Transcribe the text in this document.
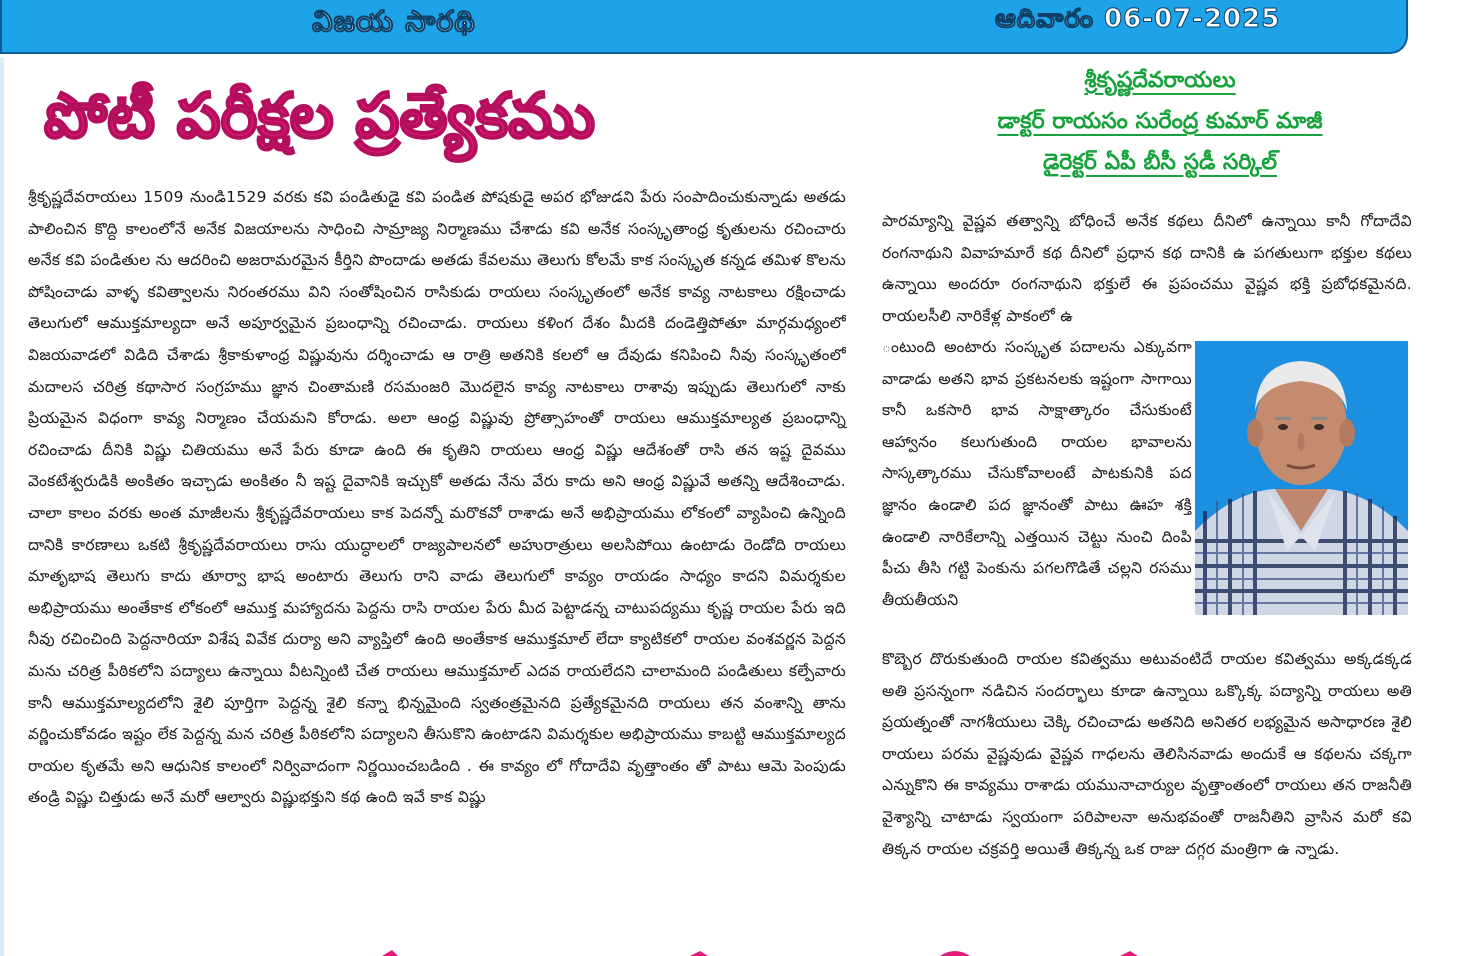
విజయ సారథి	ఆదివారం 06-07-2025
పోటీ పరీక్షల ప్రత్యేకము	శ్రీకృష్ణదేవరాయలు
డాక్టర్ రాయసం సురేంద్ర కుమార్ మాజీ
డైరెక్టర్ ఏపీ బీసీ స్టడీ సర్కిల్
శ్రీకృష్ణదేవరాయలు 1509 నుండి1529 వరకు కవి పండితుడై కవి పండిత పోషకుడై అపర భోజుడని పేరు సంపాదించుకున్నాడు అతడు పాలించిన కొద్ది కాలంలోనే అనేక విజయాలను సాధించి సామ్రాజ్య నిర్మాణము చేశాడు కవి అనేక సంస్కృతాంధ్ర కృతులను రచించారు అనేక కవి పండితుల ను ఆదరించి అజరామరమైన కీర్తిని పొందాడు అతడు కేవలము తెలుగు కోలమే కాక సంస్కృత కన్నడ తమిళ కొలను పోషించాడు వాళ్ళ కవిత్వాలను నిరంతరము విని సంతోషించిన రాసికుడు రాయలు సంస్కృతంలో అనేక కావ్య నాటకాలు రక్షించాడు తెలుగులో ఆముక్తమాల్యదా అనే అపూర్వమైన ప్రబంధాన్ని రచించాడు. రాయలు కళింగ దేశం మీదకి దండెత్తిపోతూ మార్గమధ్యంలో విజయవాడలో విడిది చేశాడు శ్రీకాకుళాంధ్ర విష్ణువును దర్శించాడు ఆ రాత్రి అతనికి కలలో ఆ దేవుడు కనిపించి నీవు సంస్కృతంలో మదాలస చరిత్ర కథాసార సంగ్రహము జ్ఞాన చింతామణి రసమంజరి మొదలైన కావ్య నాటకాలు రాశావు ఇప్పుడు తెలుగులో నాకు ప్రియమైన విధంగా కావ్య నిర్మాణం చేయమని కోరాడు. అలా ఆంధ్ర విష్ణువు ప్రోత్సాహంతో రాయలు ఆముక్తమాల్యత ప్రబంధాన్ని రచించాడు దీనికి విష్ణు చితియము అనే పేరు కూడా ఉంది ఈ కృతిని రాయలు ఆంధ్ర విష్ణు ఆదేశంతో రాసి తన ఇష్ట దైవము వెంకటేశ్వరుడికి అంకితం ఇచ్చాడు అంకితం నీ ఇష్ట దైవానికి ఇచ్చుకో అతడు నేను వేరు కాదు అని ఆంధ్ర విష్ణువే అతన్ని ఆదేశించాడు. చాలా కాలం వరకు అంత మాజీలను శ్రీకృష్ణదేవరాయలు కాక పెదన్నో మరొకవో రాశాడు అనే అభిప్రాయము లోకంలో వ్యాపించి ఉన్నింది దానికి కారణాలు ఒకటి శ్రీకృష్ణదేవరాయలు రాసు యుద్ధాలలో రాజ్యపాలనలో అహురాత్రులు అలసిపోయి ఉంటాడు రెండోది రాయలు మాతృభాష తెలుగు కాదు తూర్వా భాష అంటారు తెలుగు రాని వాడు తెలుగులో కావ్యం రాయడం సాధ్యం కాదని విమర్శకుల అభిప్రాయము అంతేకాక లోకంలో ఆముక్త మహ్యాదను పెద్దను రాసి రాయల పేరు మీద పెట్టాడన్న చాటుపద్యము కృష్ణ రాయల పేరు ఇది నీవు రచించింది పెద్దనారియా విశేష వివేక దుర్యా అని వ్యాప్తిలో ఉంది అంతేకాక ఆముక్తమాల్ లేదా క్యాటికలో రాయల వంశవర్ణన పెద్దన మను చరిత్ర పీఠికలోని పద్యాలు ఉన్నాయి వీటన్నింటి చేత రాయలు ఆముక్తమాల్ ఎదవ రాయలేదని చాలామంది పండితులు కల్పేవారు కానీ ఆముక్తమాల్యదలోని శైలి పూర్తిగా పెద్దన్న శైలి కన్నా భిన్నమైంది స్వతంత్రమైనది ప్రత్యేకమైనది రాయలు తన వంశాన్ని తాను వర్ణించుకోవడం ఇష్టం లేక పెద్దన్న మన చరిత్ర పీఠికలోని పద్యాలని తీసుకొని ఉంటాడని విమర్శకుల అభిప్రాయము కాబట్టి ఆముక్తమాల్యద రాయల కృతమే అని ఆధునిక కాలంలో నిర్వివాదంగా నిర్ణయించబడింది . ఈ కావ్యం లో గోదాదేవి వృత్తాంతం తో పాటు ఆమె పెంపుడు తండ్రి విష్ణు చిత్తుడు అనే మరో ఆల్వారు విష్ణుభక్తుని కథ ఉంది ఇవే కాక విష్ణు
పారమ్యాన్ని వైష్ణవ తత్వాన్ని బోధించే అనేక కథలు దీనిలో ఉన్నాయి కానీ గోదాదేవి రంగనాథుని వివాహమారే కథ దీనిలో ప్రధాన కథ దానికి ఉ పగతులుగా భక్తుల కథలు ఉన్నాయి అందరూ రంగనాథుని భక్తులే ఈ ప్రపంచము వైష్ణవ భక్తి ప్రబోధకమైనది. రాయలసీలి నారికేళ్ల పాకంలో ఉ
ంటుంది అంటారు సంస్కృత పదాలను ఎక్కువగా వాడాడు అతని భావ ప్రకటనలకు ఇష్టంగా సాగాయి కానీ ఒకసారి భావ సాక్షాత్కారం చేసుకుంటే ఆహ్వానం కలుగుతుంది రాయల భావాలను సాస్కత్కారము చేసుకోవాలంటే పాటకునికి పద జ్ఞానం ఉండాలి పద జ్ఞానంతో పాటు ఊహ శక్తి ఉండాలి నారికేలాన్ని ఎత్తయిన చెట్టు నుంచి దింపి పీచు తీసి గట్టి పెంకును పగలగొడితే చల్లని రసము తీయతీయని
కొబ్బెర దొరుకుతుంది రాయల కవిత్వము అటువంటిదే రాయల కవిత్వము అక్కడక్కడ అతి ప్రసన్నంగా నడిచిన సందర్భాలు కూడా ఉన్నాయి ఒక్కొక్క పద్యాన్ని రాయలు అతి ప్రయత్నంతో నాగశీయులు చెక్కి రచించాడు అతనిది అనితర లభ్యమైన అసాధారణ శైలి రాయలు పరమ వైష్ణవుడు వైష్ణవ గాధలను తెలిసినవాడు అందుకే ఆ కథలను చక్కగా ఎన్నుకొని ఈ కావ్యము రాశాడు యమునాచార్యుల వృత్తాంతంలో రాయలు తన రాజనీతి వైశ్యాన్ని చాటాడు స్వయంగా పరిపాలనా అనుభవంతో రాజనీతిని వ్రాసిన మరో కవి తిక్కన రాయల చక్రవర్తి అయితే తిక్కన్న ఒక రాజు దగ్గర మంత్రిగా ఉ న్నాడు.
